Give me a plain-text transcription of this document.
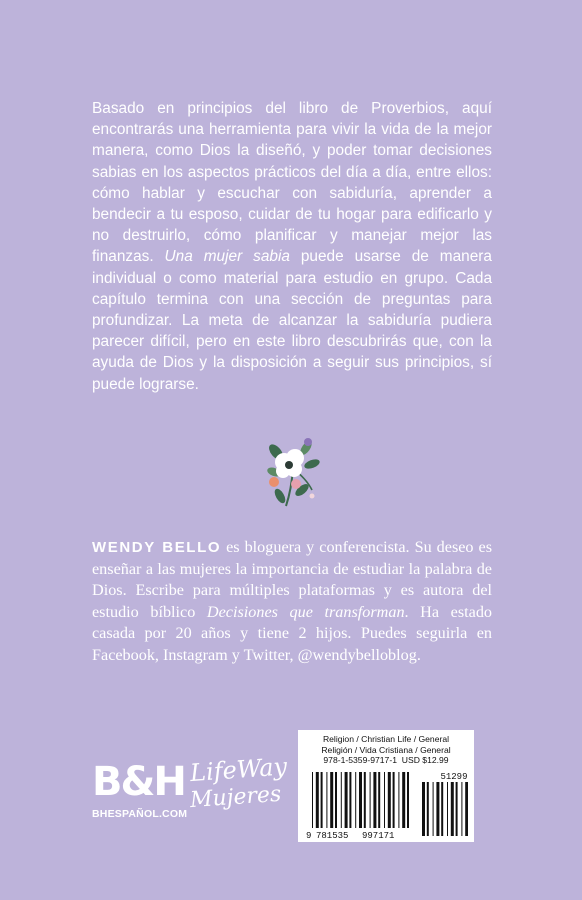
Basado en principios del libro de Proverbios, aquí encontrarás una herramienta para vivir la vida de la mejor manera, como Dios la diseñó, y poder tomar decisiones sabias en los aspectos prácticos del día a día, entre ellos: cómo hablar y escuchar con sabiduría, aprender a bendecir a tu esposo, cuidar de tu hogar para edificarlo y no destruirlo, cómo planificar y manejar mejor las finanzas. Una mujer sabia puede usarse de manera individual o como material para estudio en grupo. Cada capítulo termina con una sección de preguntas para profundizar. La meta de alcanzar la sabiduría pudiera parecer difícil, pero en este libro descubrirás que, con la ayuda de Dios y la disposición a seguir sus principios, sí puede lograrse.
WENDY BELLO es bloguera y conferencista. Su deseo es enseñar a las mujeres la importancia de estudiar la palabra de Dios. Escribe para múltiples plataformas y es autora del estudio bíblico Decisiones que transforman. Ha estado casada por 20 años y tiene 2 hijos. Puedes seguirla en Facebook, Instagram y Twitter, @wendybelloblog.
B&H
BHESPAÑOL.COM
LifeWay
Mujeres
Religion / Christian Life / General
Religión / Vida Cristiana / General
978-1-5359-9717-1 USD $12.99
51299
9 781535 997171
